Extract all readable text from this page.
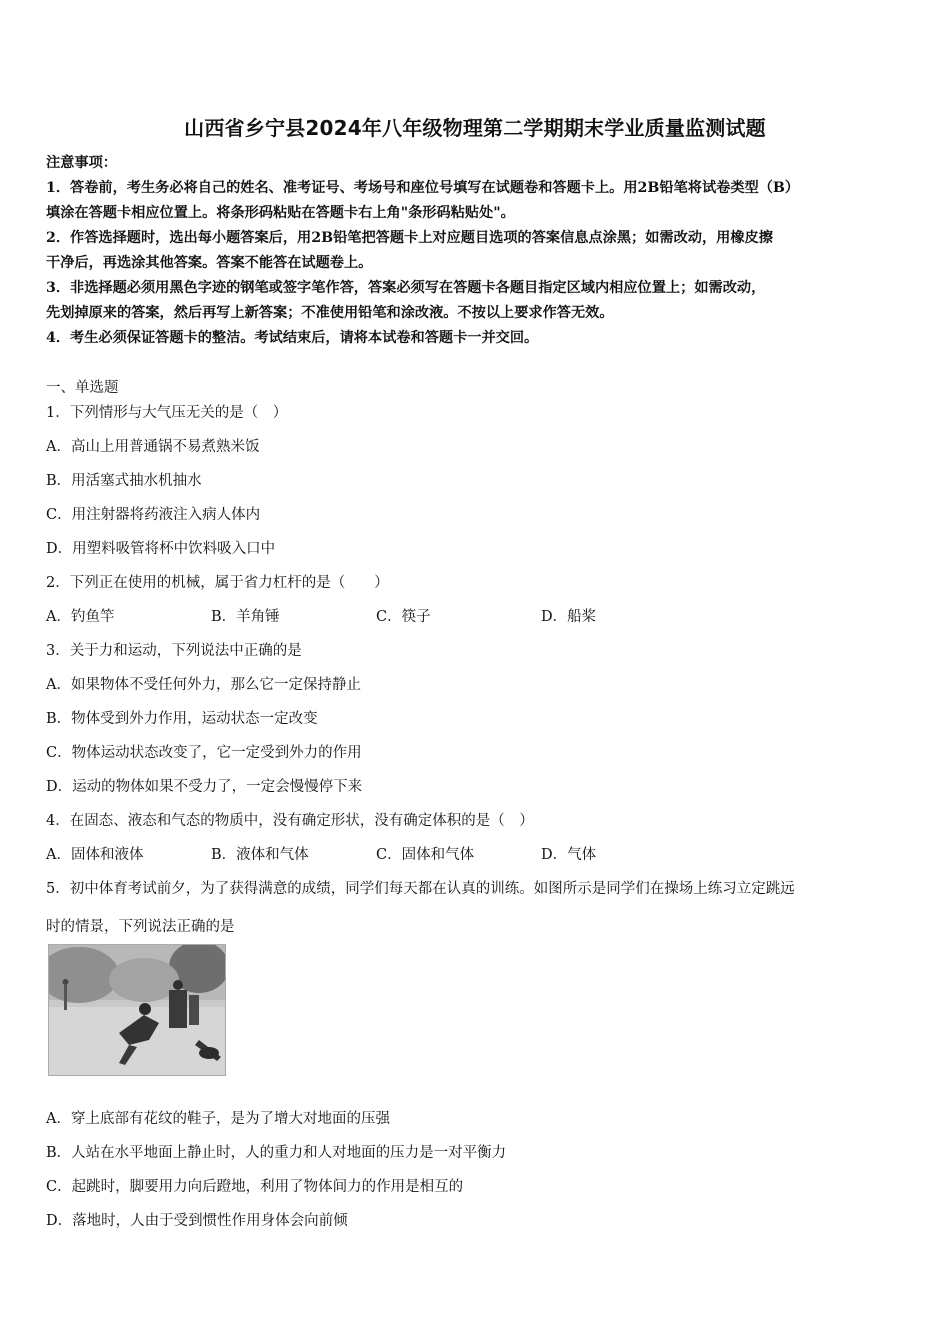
山西省乡宁县2024年八年级物理第二学期期末学业质量监测试题
注意事项：
1．答卷前，考生务必将自己的姓名、准考证号、考场号和座位号填写在试题卷和答题卡上。用2B铅笔将试卷类型（B）
填涂在答题卡相应位置上。将条形码粘贴在答题卡右上角"条形码粘贴处"。
2．作答选择题时，选出每小题答案后，用2B铅笔把答题卡上对应题目选项的答案信息点涂黑；如需改动，用橡皮擦
干净后，再选涂其他答案。答案不能答在试题卷上。
3．非选择题必须用黑色字迹的钢笔或签字笔作答，答案必须写在答题卡各题目指定区域内相应位置上；如需改动，
先划掉原来的答案，然后再写上新答案；不准使用铅笔和涂改液。不按以上要求作答无效。
4．考生必须保证答题卡的整洁。考试结束后，请将本试卷和答题卡一并交回。
一、单选题
1．下列情形与大气压无关的是（　）
A．高山上用普通锅不易煮熟米饭
B．用活塞式抽水机抽水
C．用注射器将药液注入病人体内
D．用塑料吸管将杯中饮料吸入口中
2．下列正在使用的机械，属于省力杠杆的是（　　）
A．钓鱼竿	B．羊角锤	C．筷子	D．船桨
3．关于力和运动，下列说法中正确的是
A．如果物体不受任何外力，那么它一定保持静止
B．物体受到外力作用，运动状态一定改变
C．物体运动状态改变了，它一定受到外力的作用
D．运动的物体如果不受力了，一定会慢慢停下来
4．在固态、液态和气态的物质中，没有确定形状，没有确定体积的是（　）
A．固体和液体	B．液体和气体	C．固体和气体	D．气体
5．初中体育考试前夕，为了获得满意的成绩，同学们每天都在认真的训练。如图所示是同学们在操场上练习立定跳远
时的情景，下列说法正确的是
A．穿上底部有花纹的鞋子，是为了增大对地面的压强
B．人站在水平地面上静止时，人的重力和人对地面的压力是一对平衡力
C．起跳时，脚要用力向后蹬地，利用了物体间力的作用是相互的
D．落地时，人由于受到惯性作用身体会向前倾
